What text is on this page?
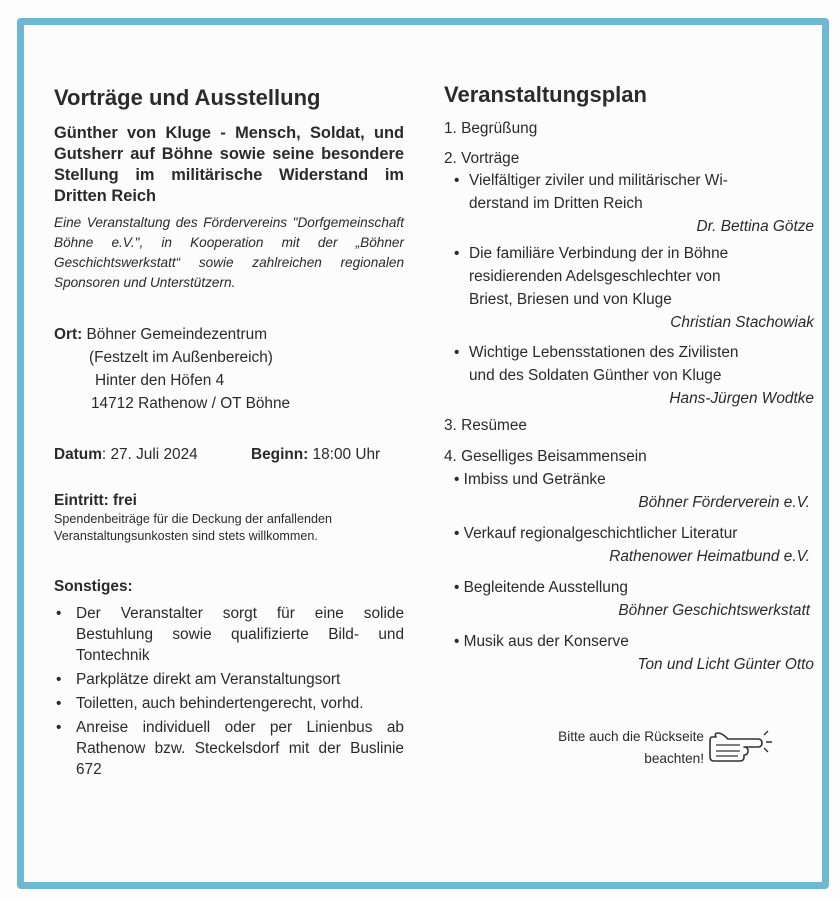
Vorträge und Ausstellung
Günther von Kluge - Mensch, Soldat, und Gutsherr auf Böhne sowie seine besondere Stellung im militärische Widerstand im Dritten Reich
Eine Veranstaltung des Fördervereins "Dorfgemeinschaft Böhne e.V.", in Kooperation mit der „Böhner Geschichtswerkstatt“ sowie zahlreichen regionalen Sponsoren und Unterstützern.
Ort: Böhner Gemeindezentrum
(Festzelt im Außenbereich)
Hinter den Höfen 4
14712 Rathenow / OT Böhne
Datum: 27. Juli 2024	Beginn: 18:00 Uhr
Eintritt: frei
Spendenbeiträge für die Deckung der anfallenden Veranstaltungsunkosten sind stets willkommen.
Sonstiges:
• Der Veranstalter sorgt für eine solide Bestuhlung sowie qualifizierte Bild- und Tontechnik
• Parkplätze direkt am Veranstaltungsort
• Toiletten, auch behindertengerecht, vorhd.
• Anreise individuell oder per Linienbus ab Rathenow bzw. Steckelsdorf mit der Buslinie 672
Veranstaltungsplan
1. Begrüßung
2. Vorträge
• Vielfältiger ziviler und militärischer Wi-
derstand im Dritten Reich
Dr. Bettina Götze
• Die familiäre Verbindung der in Böhne
residierenden Adelsgeschlechter von
Briest, Briesen und von Kluge
Christian Stachowiak
• Wichtige Lebensstationen des Zivilisten
und des Soldaten Günther von Kluge
Hans-Jürgen Wodtke
3. Resümee
4. Geselliges Beisammensein
• Imbiss und Getränke
Böhner Förderverein e.V.
• Verkauf regionalgeschichtlicher Literatur
Rathenower Heimatbund e.V.
• Begleitende Ausstellung
Böhner Geschichtswerkstatt
• Musik aus der Konserve
Ton und Licht Günter Otto
Bitte auch die Rückseite
beachten!
